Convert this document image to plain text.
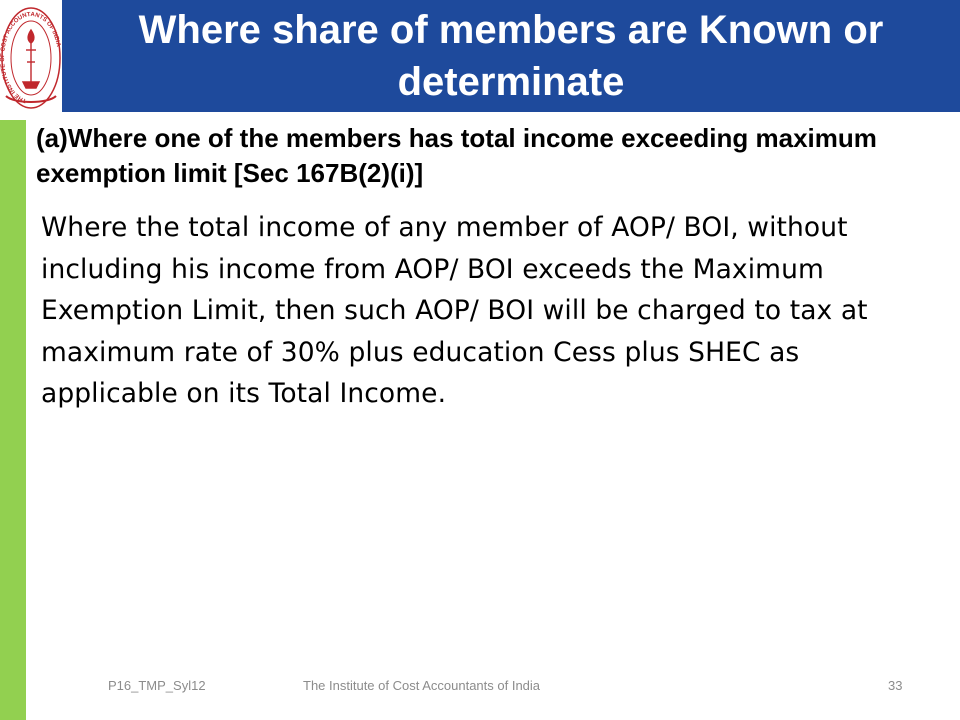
THE INSTITUTE OF COST ACCOUNTANTS OF INDIA	Where share of members are Known or determinate

(a)Where one of the members has total income exceeding maximum exemption limit [Sec 167B(2)(i)]

Where the total income of any member of AOP/ BOI, without including his income from AOP/ BOI exceeds the Maximum Exemption Limit, then such AOP/ BOI will be charged to tax at maximum rate of 30% plus education Cess plus SHEC as applicable on its Total Income.

P16_TMP_Syl12	The Institute of Cost Accountants of India	33
